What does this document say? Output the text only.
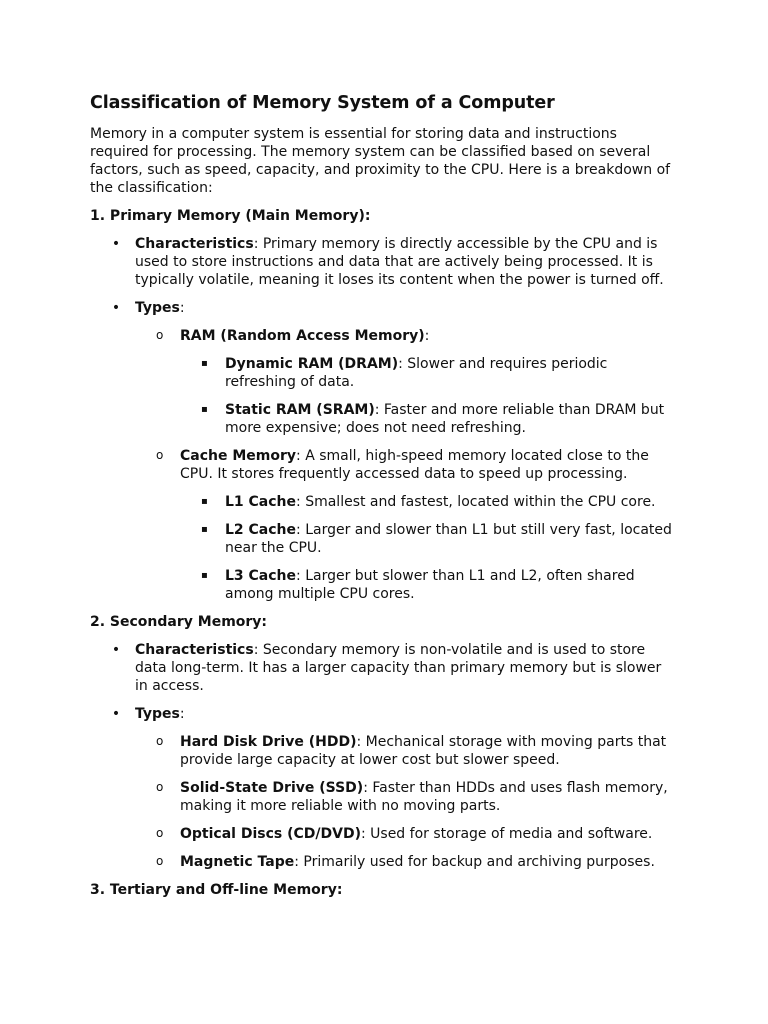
Classification of Memory System of a Computer

Memory in a computer system is essential for storing data and instructions required for processing. The memory system can be classified based on several factors, such as speed, capacity, and proximity to the CPU. Here is a breakdown of the classification:

1. Primary Memory (Main Memory):
• Characteristics: Primary memory is directly accessible by the CPU and is used to store instructions and data that are actively being processed. It is typically volatile, meaning it loses its content when the power is turned off.
• Types:
o RAM (Random Access Memory):
▪ Dynamic RAM (DRAM): Slower and requires periodic refreshing of data.
▪ Static RAM (SRAM): Faster and more reliable than DRAM but more expensive; does not need refreshing.
o Cache Memory: A small, high-speed memory located close to the CPU. It stores frequently accessed data to speed up processing.
▪ L1 Cache: Smallest and fastest, located within the CPU core.
▪ L2 Cache: Larger and slower than L1 but still very fast, located near the CPU.
▪ L3 Cache: Larger but slower than L1 and L2, often shared among multiple CPU cores.
2. Secondary Memory:
• Characteristics: Secondary memory is non-volatile and is used to store data long-term. It has a larger capacity than primary memory but is slower in access.
• Types:
o Hard Disk Drive (HDD): Mechanical storage with moving parts that provide large capacity at lower cost but slower speed.
o Solid-State Drive (SSD): Faster than HDDs and uses flash memory, making it more reliable with no moving parts.
o Optical Discs (CD/DVD): Used for storage of media and software.
o Magnetic Tape: Primarily used for backup and archiving purposes.
3. Tertiary and Off-line Memory:
